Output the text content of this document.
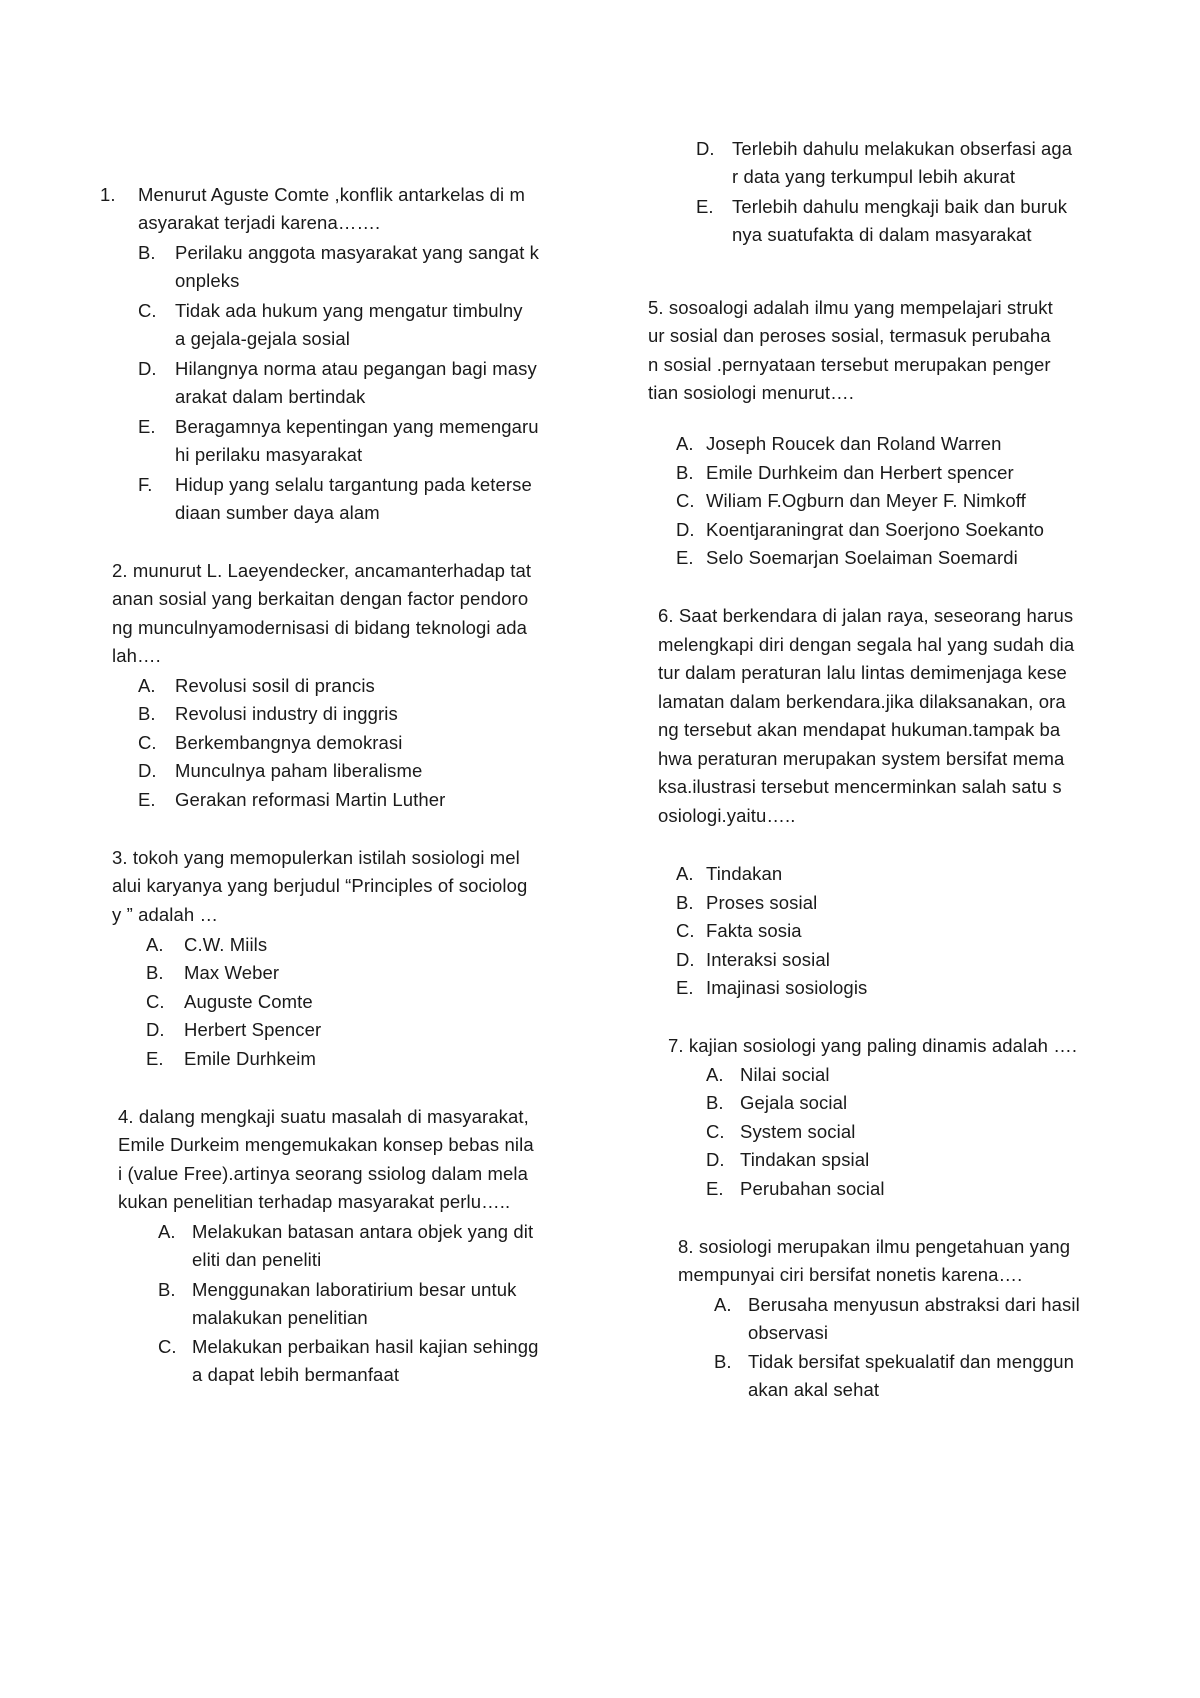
1. Menurut Aguste Comte ,konflik antarkelas di m
asyarakat terjadi karena…….
B. Perilaku anggota masyarakat yang sangat k
onpleks
C. Tidak ada hukum yang mengatur timbulny
a gejala-gejala sosial
D. Hilangnya norma atau pegangan bagi masy
arakat dalam bertindak
E. Beragamnya kepentingan yang memengaru
hi perilaku masyarakat
F. Hidup yang selalu targantung pada keterse
diaan sumber daya alam
2. munurut L. Laeyendecker, ancamanterhadap tat
anan sosial yang berkaitan dengan factor pendoro
ng munculnyamodernisasi di bidang teknologi ada
lah….
A. Revolusi sosil di prancis
B. Revolusi industry di inggris
C. Berkembangnya demokrasi
D. Munculnya paham liberalisme
E. Gerakan reformasi Martin Luther
3. tokoh yang memopulerkan istilah sosiologi mel
alui karyanya yang berjudul “Principles of sociolog
y ” adalah …
A. C.W. Miils
B. Max Weber
C. Auguste Comte
D. Herbert Spencer
E. Emile Durhkeim
4. dalang mengkaji suatu masalah di masyarakat,
Emile Durkeim mengemukakan konsep bebas nila
i (value Free).artinya seorang ssiolog dalam mela
kukan penelitian terhadap masyarakat perlu…..
A. Melakukan batasan antara objek yang dit
eliti dan peneliti
B. Menggunakan laboratirium besar untuk
malakukan penelitian
C. Melakukan perbaikan hasil kajian sehingg
a dapat lebih bermanfaat
D. Terlebih dahulu melakukan obserfasi aga
r data yang terkumpul lebih akurat
E. Terlebih dahulu mengkaji baik dan buruk
nya suatufakta di dalam masyarakat
5. sosoalogi adalah ilmu yang mempelajari strukt
ur sosial dan peroses sosial, termasuk perubaha
n sosial .pernyataan tersebut merupakan penger
tian sosiologi menurut….
A. Joseph Roucek dan Roland Warren
B. Emile Durhkeim dan Herbert spencer
C. Wiliam F.Ogburn dan Meyer F. Nimkoff
D. Koentjaraningrat dan Soerjono Soekanto
E. Selo Soemarjan Soelaiman Soemardi
6. Saat berkendara di jalan raya, seseorang harus
melengkapi diri dengan segala hal yang sudah dia
tur dalam peraturan lalu lintas demimenjaga kese
lamatan dalam berkendara.jika dilaksanakan, ora
ng tersebut akan mendapat hukuman.tampak ba
hwa peraturan merupakan system bersifat mema
ksa.ilustrasi tersebut mencerminkan salah satu s
osiologi.yaitu…..
A. Tindakan
B. Proses sosial
C. Fakta sosia
D. Interaksi sosial
E. Imajinasi sosiologis
7. kajian sosiologi yang paling dinamis adalah ….
A. Nilai social
B. Gejala social
C. System social
D. Tindakan spsial
E. Perubahan social
8. sosiologi merupakan ilmu pengetahuan yang
mempunyai ciri bersifat nonetis karena….
A. Berusaha menyusun abstraksi dari hasil
observasi
B. Tidak bersifat spekualatif dan menggun
akan akal sehat
